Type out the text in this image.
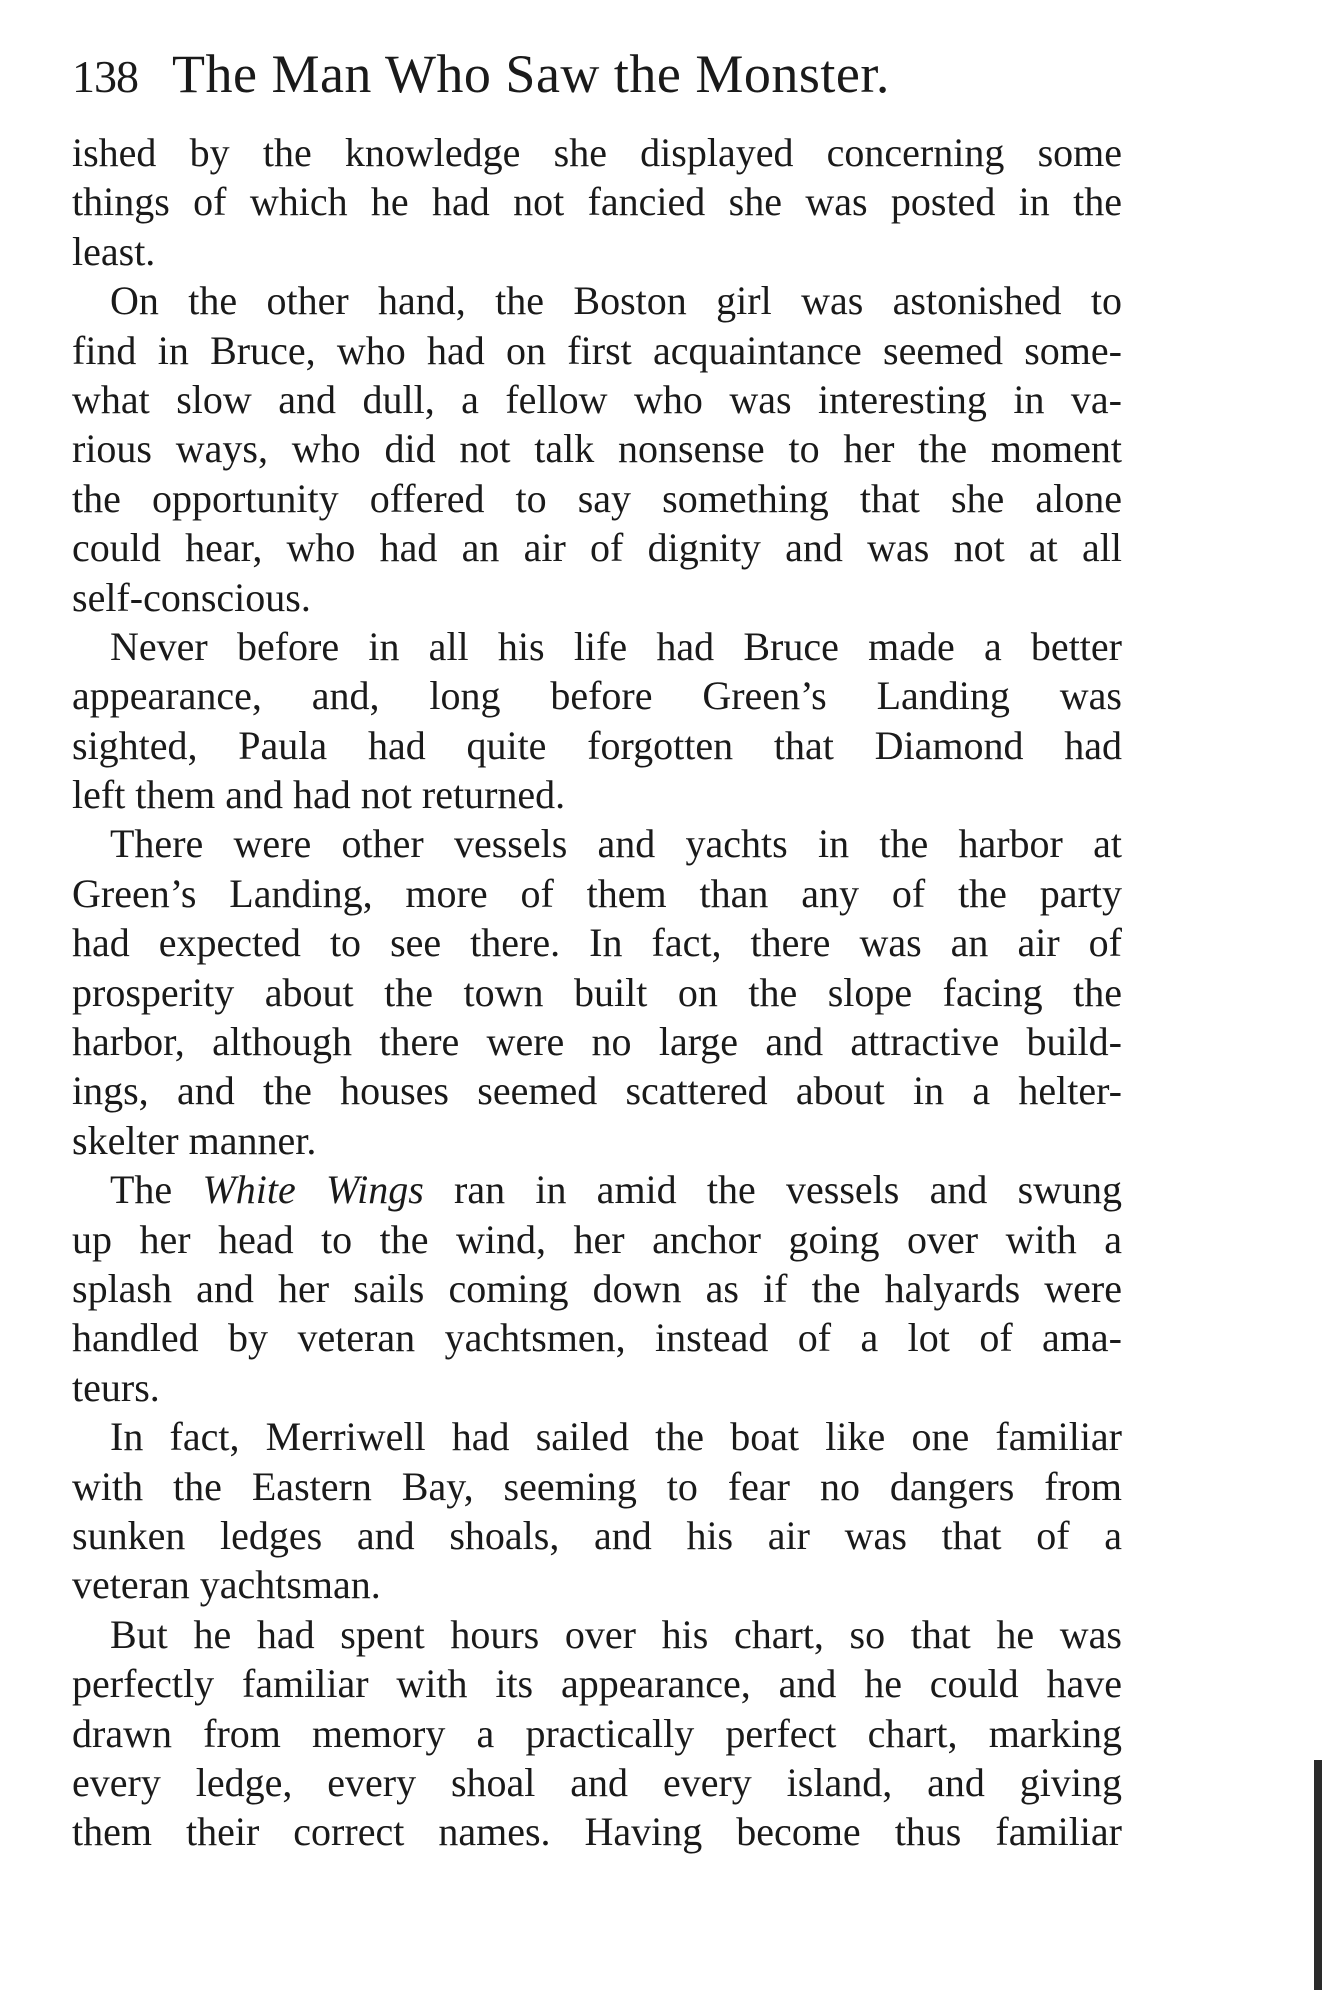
138 The Man Who Saw the Monster.
ished by the knowledge she displayed concerning some
things of which he had not fancied she was posted in the
least.
On the other hand, the Boston girl was astonished to
find in Bruce, who had on first acquaintance seemed some-
what slow and dull, a fellow who was interesting in va-
rious ways, who did not talk nonsense to her the moment
the opportunity offered to say something that she alone
could hear, who had an air of dignity and was not at all
self-conscious.
Never before in all his life had Bruce made a better
appearance, and, long before Green’s Landing was
sighted, Paula had quite forgotten that Diamond had
left them and had not returned.
There were other vessels and yachts in the harbor at
Green’s Landing, more of them than any of the party
had expected to see there. In fact, there was an air of
prosperity about the town built on the slope facing the
harbor, although there were no large and attractive build-
ings, and the houses seemed scattered about in a helter-
skelter manner.
The White Wings ran in amid the vessels and swung
up her head to the wind, her anchor going over with a
splash and her sails coming down as if the halyards were
handled by veteran yachtsmen, instead of a lot of ama-
teurs.
In fact, Merriwell had sailed the boat like one familiar
with the Eastern Bay, seeming to fear no dangers from
sunken ledges and shoals, and his air was that of a
veteran yachtsman.
But he had spent hours over his chart, so that he was
perfectly familiar with its appearance, and he could have
drawn from memory a practically perfect chart, marking
every ledge, every shoal and every island, and giving
them their correct names. Having become thus familiar
